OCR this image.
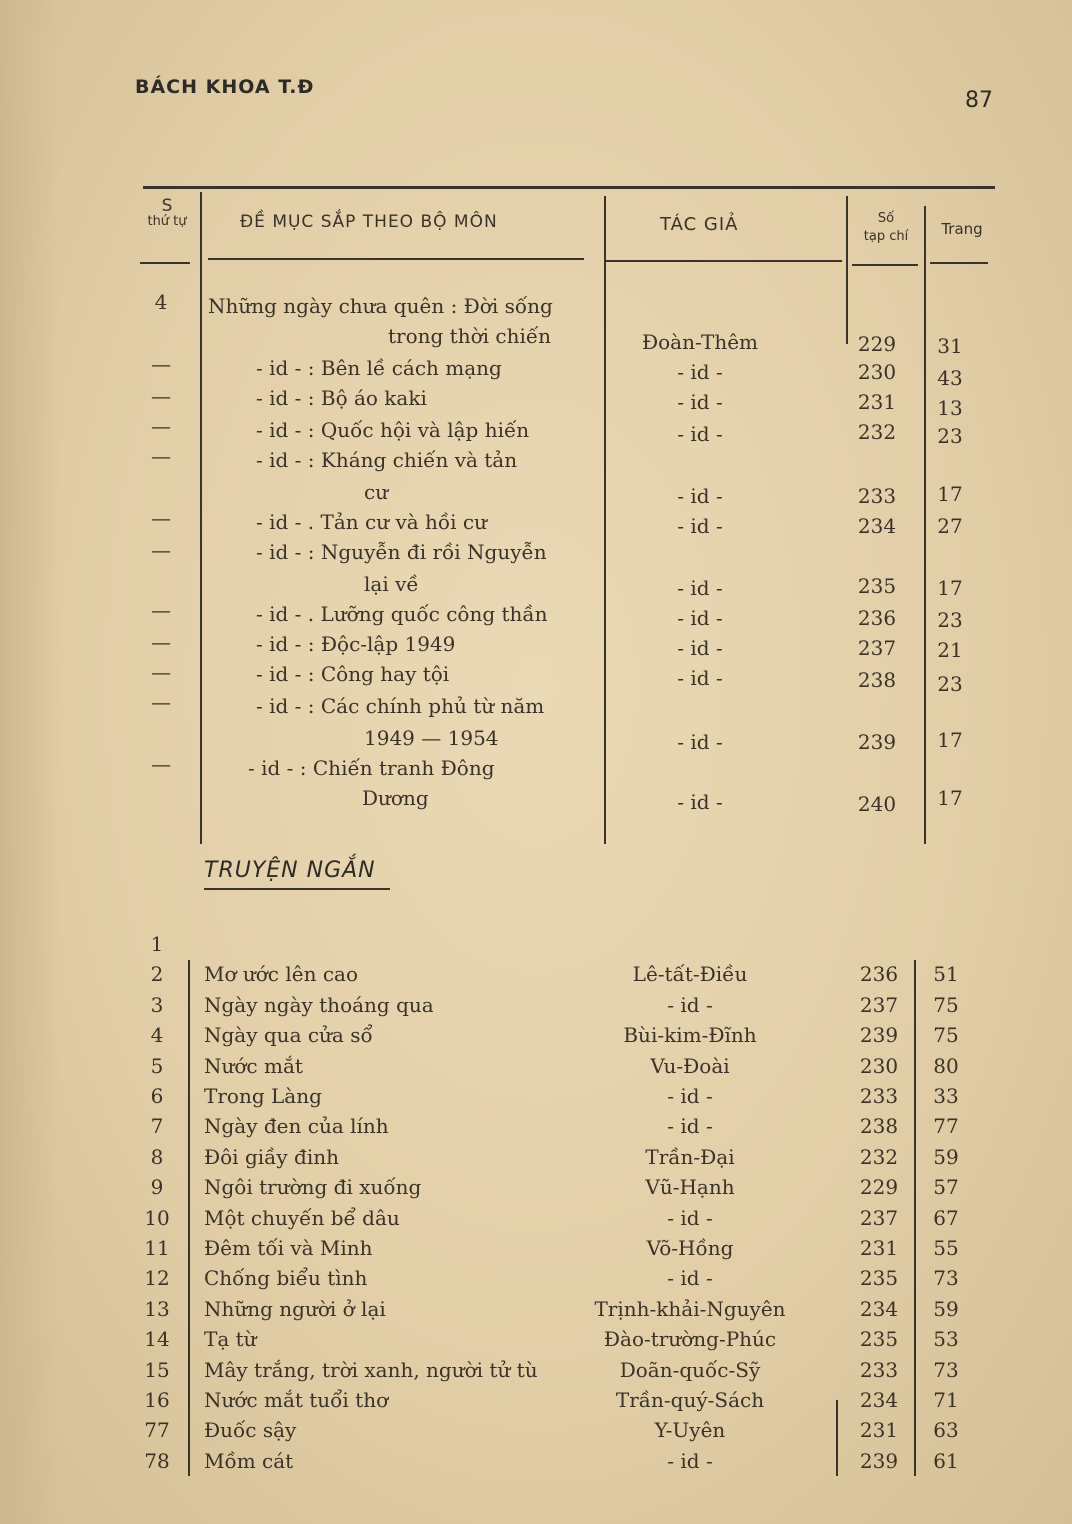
BÁCH KHOA T.Đ
87
S
thứ tự	ĐỀ MỤC SẮP THEO BỘ MÔN	TÁC GIẢ	Số
tạp chí	Trang
4	Những ngày chưa quên : Đời sống
trong thời chiến	Đoàn-Thêm	229	31
—	- id - : Bên lề cách mạng	- id -	230	43
—	- id - : Bộ áo kaki	- id -	231	13
—	- id - : Quốc hội và lập hiến	- id -	232	23
—	- id - : Kháng chiến và tản
cư	- id -	233	17
—	- id - . Tản cư và hồi cư	- id -	234	27
—	- id - : Nguyễn đi rồi Nguyễn
lại về	- id -	235	17
—	- id - . Lưỡng quốc công thần	- id -	236	23
—	- id - : Độc-lập 1949	- id -	237	21
—	- id - : Công hay tội	- id -	238	23
—	- id - : Các chính phủ từ năm
1949 — 1954	- id -	239	17
—	- id - : Chiến tranh Đông
Dương	- id -	240	17
TRUYỆN NGẮN
1
2	Mơ ước lên cao	Lê-tất-Điều	236	51
3	Ngày ngày thoáng qua	- id -	237	75
4	Ngày qua cửa sổ	Bùi-kim-Đĩnh	239	75
5	Nước mắt	Vu-Đoài	230	80
6	Trong Làng	- id -	233	33
7	Ngày đen của lính	- id -	238	77
8	Đôi giầy đinh	Trần-Đại	232	59
9	Ngôi trường đi xuống	Vũ-Hạnh	229	57
10 Một chuyến bể dâu	- id -	237	67
11 Đêm tối và Minh	Võ-Hồng	231	55
12 Chống biểu tình	- id -	235	73
13 Những người ở lại	Trịnh-khải-Nguyên	234	59
14 Tạ từ	Đào-trường-Phúc	235	53
15 Mây trắng, trời xanh, người tử tù	Doãn-quốc-Sỹ	233	73
16 Nước mắt tuổi thơ	Trần-quý-Sách	234	71
77 Đuốc sậy	Y-Uyên	231	63
78 Mồm cát	- id -	239	61
